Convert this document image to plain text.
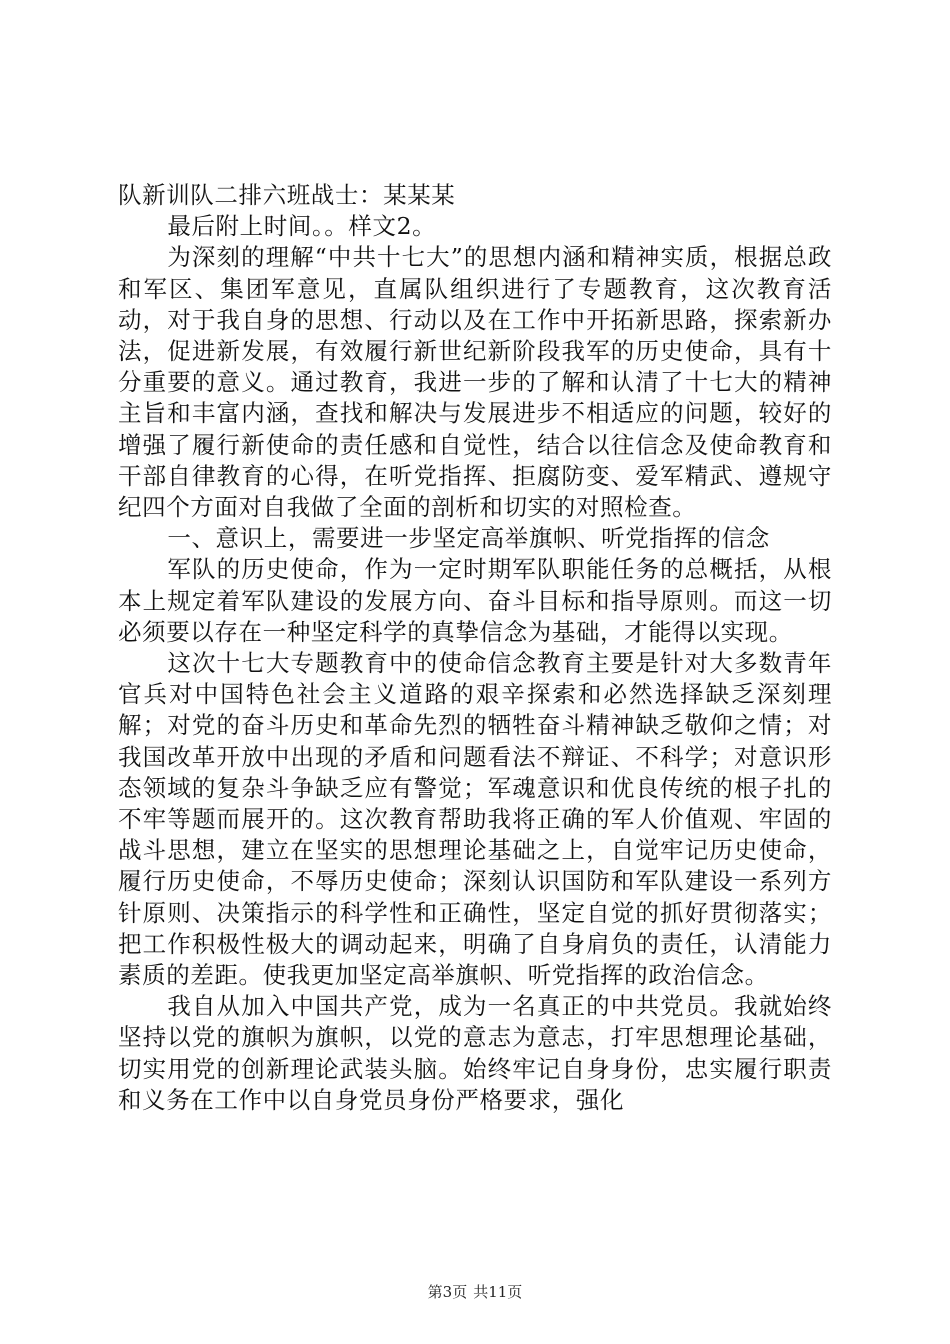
队新训队二排六班战士：某某某

最后附上时间。。样文2。

为深刻的理解“中共十七大”的思想内涵和精神实质，根据总政和军区、集团军意见，直属队组织进行了专题教育，这次教育活动，对于我自身的思想、行动以及在工作中开拓新思路，探索新办法，促进新发展，有效履行新世纪新阶段我军的历史使命，具有十分重要的意义。通过教育，我进一步的了解和认清了十七大的精神主旨和丰富内涵，查找和解决与发展进步不相适应的问题，较好的增强了履行新使命的责任感和自觉性，结合以往信念及使命教育和干部自律教育的心得，在听党指挥、拒腐防变、爱军精武、遵规守纪四个方面对自我做了全面的剖析和切实的对照检查。

一、意识上，需要进一步坚定高举旗帜、听党指挥的信念

军队的历史使命，作为一定时期军队职能任务的总概括，从根本上规定着军队建设的发展方向、奋斗目标和指导原则。而这一切必须要以存在一种坚定科学的真挚信念为基础，才能得以实现。

这次十七大专题教育中的使命信念教育主要是针对大多数青年官兵对中国特色社会主义道路的艰辛探索和必然选择缺乏深刻理解；对党的奋斗历史和革命先烈的牺牲奋斗精神缺乏敬仰之情；对我国改革开放中出现的矛盾和问题看法不辩证、不科学；对意识形态领域的复杂斗争缺乏应有警觉；军魂意识和优良传统的根子扎的不牢等题而展开的。这次教育帮助我将正确的军人价值观、牢固的战斗思想，建立在坚实的思想理论基础之上，自觉牢记历史使命，履行历史使命，不辱历史使命；深刻认识国防和军队建设一系列方针原则、决策指示的科学性和正确性，坚定自觉的抓好贯彻落实；把工作积极性极大的调动起来，明确了自身肩负的责任，认清能力素质的差距。使我更加坚定高举旗帜、听党指挥的政治信念。

我自从加入中国共产党，成为一名真正的中共党员。我就始终坚持以党的旗帜为旗帜，以党的意志为意志，打牢思想理论基础，切实用党的创新理论武装头脑。始终牢记自身身份，忠实履行职责和义务在工作中以自身党员身份严格要求，强化

第3页 共11页
